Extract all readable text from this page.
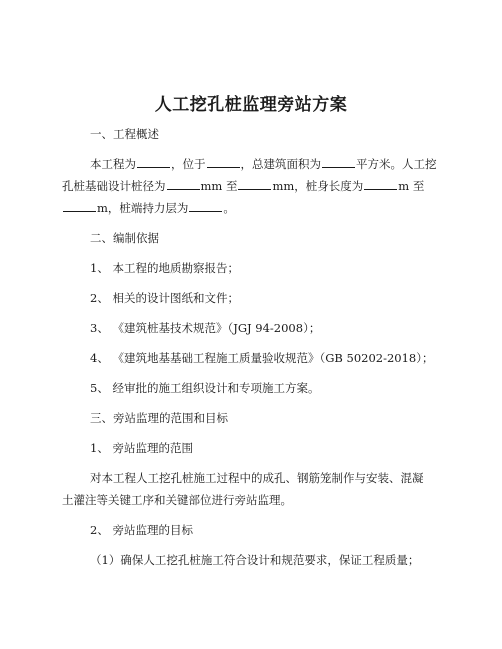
人工挖孔桩监理旁站方案
一、工程概述
本工程为	，位于	，总建筑面积为	平方米。人工挖
孔桩基础设计桩径为	mm 至	mm，桩身长度为	m 至
m，桩端持力层为	。
二、编制依据
1、 本工程的地质勘察报告；
2、 相关的设计图纸和文件；
3、 《建筑桩基技术规范》（JGJ 94-2008）；
4、 《建筑地基基础工程施工质量验收规范》（GB 50202-2018）；
5、 经审批的施工组织设计和专项施工方案。
三、旁站监理的范围和目标
1、 旁站监理的范围
对本工程人工挖孔桩施工过程中的成孔、钢筋笼制作与安装、混凝
土灌注等关键工序和关键部位进行旁站监理。
2、 旁站监理的目标
（1）确保人工挖孔桩施工符合设计和规范要求，保证工程质量；
